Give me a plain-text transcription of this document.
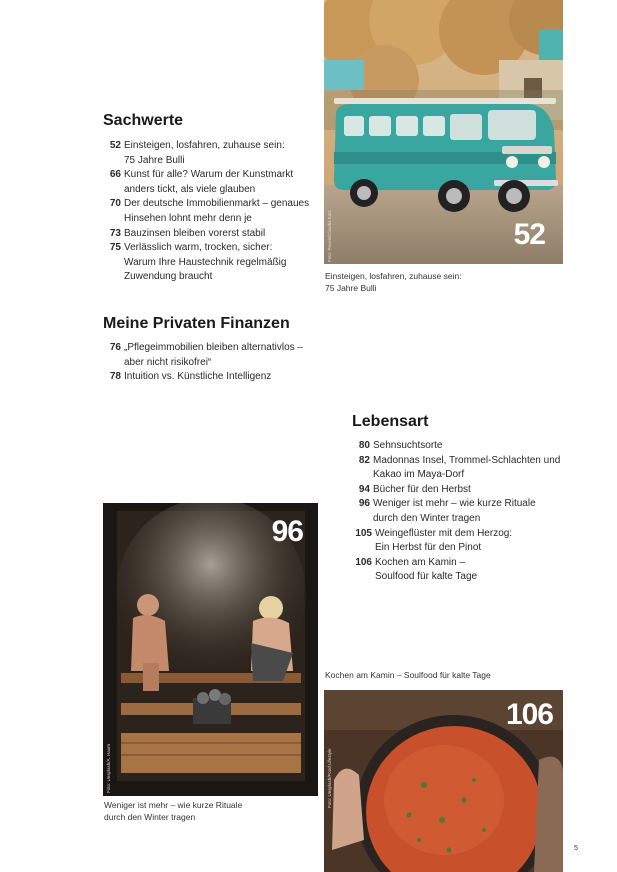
Sachwerte
52 Einsteigen, losfahren, zuhause sein:
75 Jahre Bulli
66 Kunst für alle? Warum der Kunstmarkt
anders tickt, als viele glauben
70 Der deutsche Immobilienmarkt – genaues
Hinsehen lohnt mehr denn je
73 Bauzinsen bleiben vorerst stabil
75 Verlässlich warm, trocken, sicher:
Warum Ihre Haustechnik regelmäßig
Zuwendung braucht
Meine Privaten Finanzen
76 „Pflegeimmobilien bleiben alternativlos –
aber nicht risikofrei“
78 Intuition vs. Künstliche Intelligenz
Lebensart
80 Sehnsuchtsorte
82 Madonnas Insel, Trommel-Schlachten und
Kakao im Maya-Dorf
94 Bücher für den Herbst
96 Weniger ist mehr – wie kurze Rituale
durch den Winter tragen
105 Weingeflüster mit dem Herzog:
Ein Herbst für den Pinot
106 Kochen am Kamin –
Soulfood für kalte Tage
52
Foto: Pexels/Claudia Katz
Einsteigen, losfahren, zuhause sein:
75 Jahre Bulli
96
Foto: Unsplash/A. Haum
Weniger ist mehr – wie kurze Rituale
durch den Winter tragen
Kochen am Kamin – Soulfood für kalte Tage
106
Foto: Unsplash/Food Lifestyle
5
